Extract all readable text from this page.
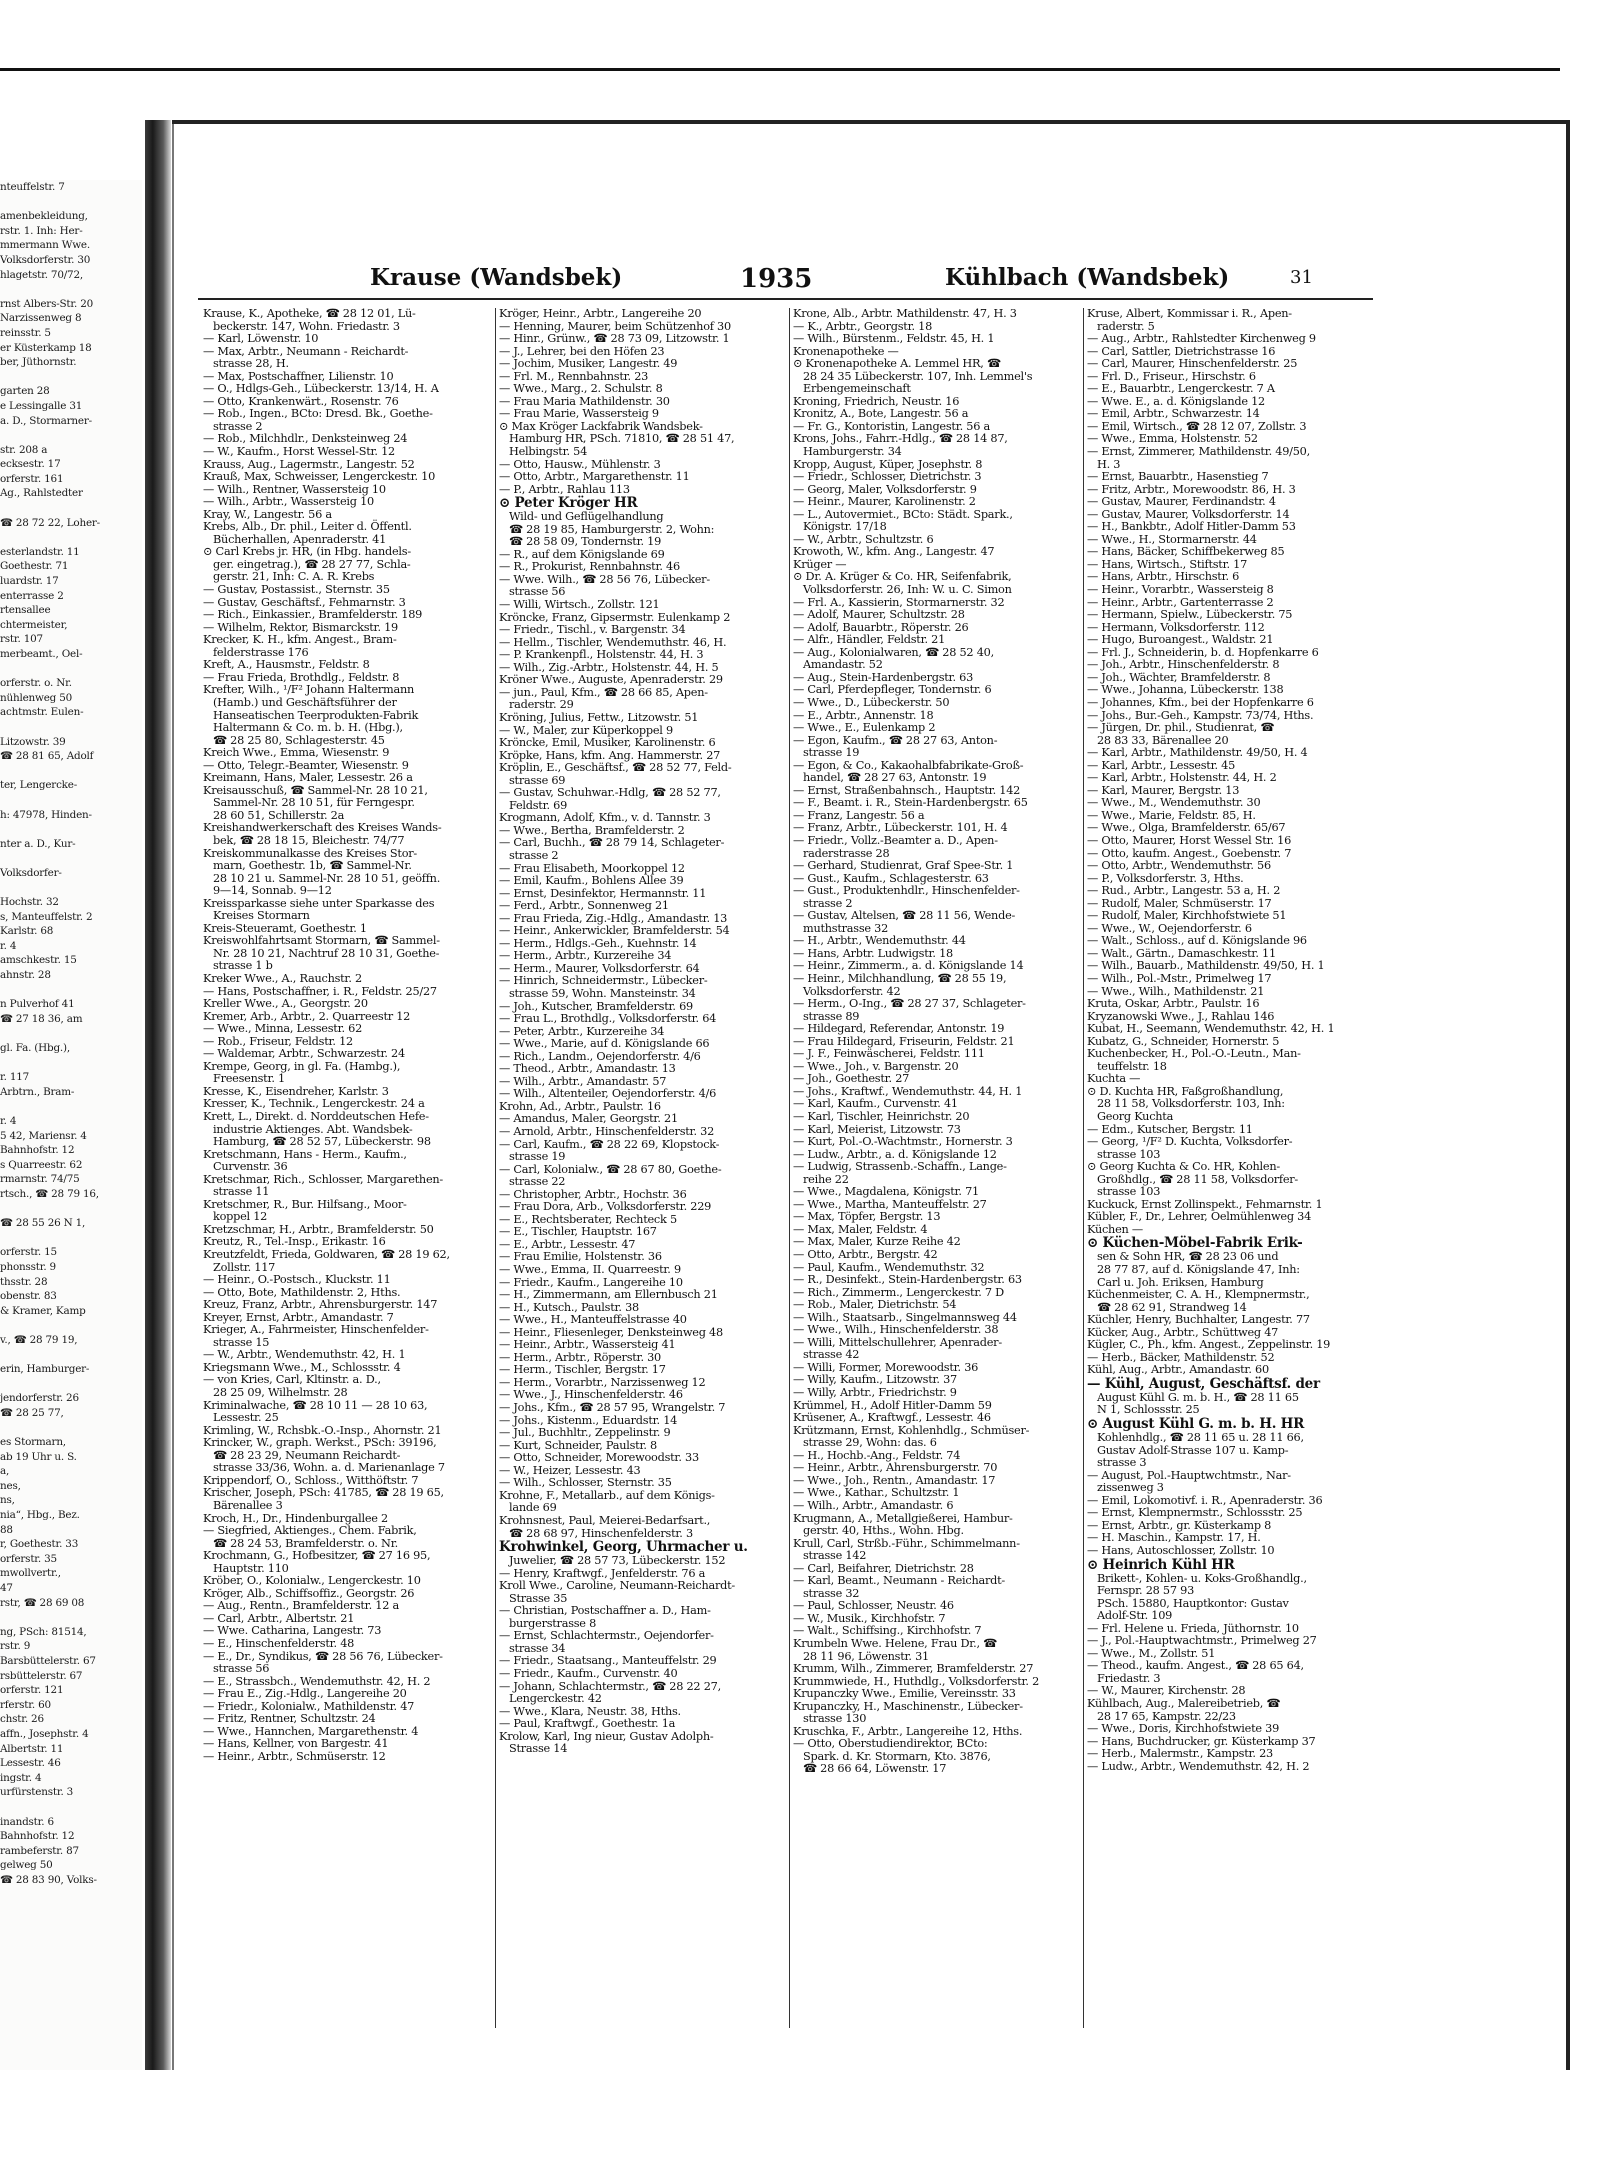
nteuffelstr. 7

amenbekleidung,
rstr. 1. Inh: Her-
mmermann Wwe.
Volksdorferstr. 30
hlagetstr. 70/72,

rnst Albers-Str. 20
Narzissenweg 8
reinsstr. 5
er Küsterkamp 18
ber, Jüthornstr.

garten 28
e Lessingalle 31
a. D., Stormarner-

str. 208 a
ecksestr. 17
orferstr. 161
Ag., Rahlstedter

☎ 28 72 22, Loher-

esterlandstr. 11
Goethestr. 71
luardstr. 17
enterrasse 2
rtensallee
chtermeister,
rstr. 107
merbeamt., Oel-

orferstr. o. Nr.
nühlenweg 50
achtmstr. Eulen-

Litzowstr. 39
☎ 28 81 65, Adolf

ter, Lengercke-

h: 47978, Hinden-

nter a. D., Kur-

Volksdorfer-

Hochstr. 32
s, Manteuffelstr. 2
Karlstr. 68
r. 4
amschkestr. 15
ahnstr. 28

n Pulverhof 41
☎ 27 18 36, am

gl. Fa. (Hbg.),

r. 117
Arbtrn., Bram-

r. 4
5 42, Mariensr. 4
Bahnhofstr. 12
s Quarreestr. 62
rmarnstr. 74/75
rtsch., ☎ 28 79 16,

☎ 28 55 26 N 1,

orferstr. 15
phonsstr. 9
thsstr. 28
obenstr. 83
& Kramer, Kamp

v., ☎ 28 79 19,

erin, Hamburger-

jendorferstr. 26
☎ 28 25 77,

es Stormarn,
ab 19 Uhr u. S.
a,
nes,
ns,
nia“, Hbg., Bez.
88
r, Goethestr. 33
orferstr. 35
mwollvertr.,
47
rstr, ☎ 28 69 08

ng, PSch: 81514,
rstr. 9
Barsbüttelerstr. 67
rsbüttelerstr. 67
orferstr. 121
rferstr. 60
chstr. 26
affn., Josephstr. 4
Albertstr. 11
Lessestr. 46
ingstr. 4
urfürstenstr. 3

inandstr. 6
Bahnhofstr. 12
rambeferstr. 87
gelweg 50
☎ 28 83 90, Volks-
Krause (Wandsbek)	1935	Kühlbach (Wandsbek)	31
Krause, K., Apotheke, ☎ 28 12 01, Lü-
beckerstr. 147, Wohn. Friedastr. 3
— Karl, Löwenstr. 10
— Max, Arbtr., Neumann - Reichardt-
strasse 28, H.
— Max, Postschaffner, Lilienstr. 10
— O., Hdlgs-Geh., Lübeckerstr. 13/14, H. A
— Otto, Krankenwärt., Rosenstr. 76
— Rob., Ingen., BCto: Dresd. Bk., Goethe-
strasse 2
— Rob., Milchhdlr., Denksteinweg 24
— W., Kaufm., Horst Wessel-Str. 12
Krauss, Aug., Lagermstr., Langestr. 52
Krauß, Max, Schweisser, Lengerckestr. 10
— Wilh., Rentner, Wassersteig 10
— Wilh., Arbtr., Wassersteig 10
Kray, W., Langestr. 56 a
Krebs, Alb., Dr. phil., Leiter d. Öffentl.
Bücherhallen, Apenraderstr. 41
⊙ Carl Krebs jr. HR, (in Hbg. handels-
ger. eingetrag.), ☎ 28 27 77, Schla-
gerstr. 21, Inh: C. A. R. Krebs
— Gustav, Postassist., Sternstr. 35
— Gustav, Geschäftsf., Fehmarnstr. 3
— Rich., Einkassier., Bramfelderstr. 189
— Wilhelm, Rektor, Bismarckstr. 19
Krecker, K. H., kfm. Angest., Bram-
felderstrasse 176
Kreft, A., Hausmstr., Feldstr. 8
— Frau Frieda, Brothdlg., Feldstr. 8
Krefter, Wilh., ¹/F² Johann Haltermann
(Hamb.) und Geschäftsführer der
Hanseatischen Teerprodukten-Fabrik
Haltermann & Co. m. b. H. (Hbg.),
☎ 28 25 80, Schlagesterstr. 45
Kreich Wwe., Emma, Wiesenstr. 9
— Otto, Telegr.-Beamter, Wiesenstr. 9
Kreimann, Hans, Maler, Lessestr. 26 a
Kreisausschuß, ☎ Sammel-Nr. 28 10 21,
Sammel-Nr. 28 10 51, für Ferngespr.
28 60 51, Schillerstr. 2a
Kreishandwerkerschaft des Kreises Wands-
bek, ☎ 28 18 15, Bleichestr. 74/77
Kreiskommunalkasse des Kreises Stor-
marn, Goethestr. 1b, ☎ Sammel-Nr.
28 10 21 u. Sammel-Nr. 28 10 51, geöffn.
9—14, Sonnab. 9—12
Kreissparkasse siehe unter Sparkasse des
Kreises Stormarn
Kreis-Steueramt, Goethestr. 1
Kreiswohlfahrtsamt Stormarn, ☎ Sammel-
Nr. 28 10 21, Nachtruf 28 10 31, Goethe-
strasse 1 b
Kreker Wwe., A., Rauchstr. 2
— Hans, Postschaffner, i. R., Feldstr. 25/27
Kreller Wwe., A., Georgstr. 20
Kremer, Arb., Arbtr., 2. Quarreestr 12
— Wwe., Minna, Lessestr. 62
— Rob., Friseur, Feldstr. 12
— Waldemar, Arbtr., Schwarzestr. 24
Krempe, Georg, in gl. Fa. (Hambg.),
Freesenstr. 1
Kresse, K., Eisendreher, Karlstr. 3
Kresser, K., Technik., Lengerckestr. 24 a
Krett, L., Direkt. d. Norddeutschen Hefe-
industrie Aktienges. Abt. Wandsbek-
Hamburg, ☎ 28 52 57, Lübeckerstr. 98
Kretschmann, Hans - Herm., Kaufm.,
Curvenstr. 36
Kretschmar, Rich., Schlosser, Margarethen-
strasse 11
Kretschmer, R., Bur. Hilfsang., Moor-
koppel 12
Kretzschmar, H., Arbtr., Bramfelderstr. 50
Kreutz, R., Tel.-Insp., Erikastr. 16
Kreutzfeldt, Frieda, Goldwaren, ☎ 28 19 62,
Zollstr. 117
— Heinr., O.-Postsch., Kluckstr. 11
— Otto, Bote, Mathildenstr. 2, Hths.
Kreuz, Franz, Arbtr., Ahrensburgerstr. 147
Kreyer, Ernst, Arbtr., Amandastr. 7
Krieger, A., Fahrmeister, Hinschenfelder-
strasse 15
— W., Arbtr., Wendemuthstr. 42, H. 1
Kriegsmann Wwe., M., Schlossstr. 4
— von Kries, Carl, Kltinstr. a. D.,
28 25 09, Wilhelmstr. 28
Kriminalwache, ☎ 28 10 11 — 28 10 63,
Lessestr. 25
Krimling, W., Rchsbk.-O.-Insp., Ahornstr. 21
Krincker, W., graph. Werkst., PSch: 39196,
☎ 28 23 29, Neumann Reichardt-
strasse 33/36, Wohn. a. d. Marienanlage 7
Krippendorf, O., Schloss., Witthöftstr. 7
Krischer, Joseph, PSch: 41785, ☎ 28 19 65,
Bärenallee 3
Kroch, H., Dr., Hindenburgallee 2
— Siegfried, Aktienges., Chem. Fabrik,
☎ 28 24 53, Bramfelderstr. o. Nr.
Krochmann, G., Hofbesitzer, ☎ 27 16 95,
Hauptstr. 110
Kröber, O., Kolonialw., Lengerckestr. 10
Kröger, Alb., Schiffsoffiz., Georgstr. 26
— Aug., Rentn., Bramfelderstr. 12 a
— Carl, Arbtr., Albertstr. 21
— Wwe. Catharina, Langestr. 73
— E., Hinschenfelderstr. 48
— E., Dr., Syndikus, ☎ 28 56 76, Lübecker-
strasse 56
— E., Strassbch., Wendemuthstr. 42, H. 2
— Frau E., Zig.-Hdlg., Langereihe 20
— Friedr., Kolonialw., Mathildenstr. 47
— Fritz, Rentner, Schultzstr. 24
— Wwe., Hannchen, Margarethenstr. 4
— Hans, Kellner, von Bargestr. 41
— Heinr., Arbtr., Schmüserstr. 12
Kröger, Heinr., Arbtr., Langereihe 20
— Henning, Maurer, beim Schützenhof 30
— Hinr., Grünw., ☎ 28 73 09, Litzowstr. 1
— J., Lehrer, bei den Höfen 23
— Jochim, Musiker, Langestr. 49
— Frl. M., Rennbahnstr. 23
— Wwe., Marg., 2. Schulstr. 8
— Frau Maria Mathildenstr. 30
— Frau Marie, Wassersteig 9
⊙ Max Kröger Lackfabrik Wandsbek-
Hamburg HR, PSch. 71810, ☎ 28 51 47,
Helbingstr. 54
— Otto, Hausw., Mühlenstr. 3
— Otto, Arbtr., Margarethenstr. 11
— P., Arbtr., Rahlau 113
⊙ Peter Kröger HR
Wild- und Geflügelhandlung
☎ 28 19 85, Hamburgerstr. 2, Wohn:
☎ 28 58 09, Tondernstr. 19
— R., auf dem Königslande 69
— R., Prokurist, Rennbahnstr. 46
— Wwe. Wilh., ☎ 28 56 76, Lübecker-
strasse 56
— Willi, Wirtsch., Zollstr. 121
Kröncke, Franz, Gipsermstr. Eulenkamp 2
— Friedr., Tischl., v. Bargenstr. 34
— Hellm., Tischler, Wendemuthstr. 46, H.
— P. Krankenpfl., Holstenstr. 44, H. 3
— Wilh., Zig.-Arbtr., Holstenstr. 44, H. 5
Kröner Wwe., Auguste, Apenraderstr. 29
— jun., Paul, Kfm., ☎ 28 66 85, Apen-
raderstr. 29
Kröning, Julius, Fettw., Litzowstr. 51
— W., Maler, zur Küperkoppel 9
Kröncke, Emil, Musiker, Karolinenstr. 6
Kröpke, Hans, kfm. Ang. Hammerstr. 27
Kröplin, E., Geschäftsf., ☎ 28 52 77, Feld-
strasse 69
— Gustav, Schuhwar.-Hdlg, ☎ 28 52 77,
Feldstr. 69
Krogmann, Adolf, Kfm., v. d. Tannstr. 3
— Wwe., Bertha, Bramfelderstr. 2
— Carl, Buchh., ☎ 28 79 14, Schlageter-
strasse 2
— Frau Elisabeth, Moorkoppel 12
— Emil, Kaufm., Bohlens Allee 39
— Ernst, Desinfektor, Hermannstr. 11
— Ferd., Arbtr., Sonnenweg 21
— Frau Frieda, Zig.-Hdlg., Amandastr. 13
— Heinr., Ankerwickler, Bramfelderstr. 54
— Herm., Hdlgs.-Geh., Kuehnstr. 14
— Herm., Arbtr., Kurzereihe 34
— Herm., Maurer, Volksdorferstr. 64
— Hinrich, Schneidermstr., Lübecker-
strasse 59, Wohn. Mansteinstr. 34
— Joh., Kutscher, Bramfelderstr. 69
— Frau L., Brothdlg., Volksdorferstr. 64
— Peter, Arbtr., Kurzereihe 34
— Wwe., Marie, auf d. Königslande 66
— Rich., Landm., Oejendorferstr. 4/6
— Theod., Arbtr., Amandastr. 13
— Wilh., Arbtr., Amandastr. 57
— Wilh., Altenteiler, Oejendorferstr. 4/6
Krohn, Ad., Arbtr., Paulstr. 16
— Amandus, Maler, Georgstr. 21
— Arnold, Arbtr., Hinschenfelderstr. 32
— Carl, Kaufm., ☎ 28 22 69, Klopstock-
strasse 19
— Carl, Kolonialw., ☎ 28 67 80, Goethe-
strasse 22
— Christopher, Arbtr., Hochstr. 36
— Frau Dora, Arb., Volksdorferstr. 229
— E., Rechtsberater, Rechteck 5
— E., Tischler, Hauptstr. 167
— E., Arbtr., Lessestr. 47
— Frau Emilie, Holstenstr. 36
— Wwe., Emma, II. Quarreestr. 9
— Friedr., Kaufm., Langereihe 10
— H., Zimmermann, am Ellernbusch 21
— H., Kutsch., Paulstr. 38
— Wwe., H., Manteuffelstrasse 40
— Heinr., Fliesenleger, Denksteinweg 48
— Heinr., Arbtr., Wassersteig 41
— Herm., Arbtr., Röperstr. 30
— Herm., Tischler, Bergstr. 17
— Herm., Vorarbtr., Narzissenweg 12
— Wwe., J., Hinschenfelderstr. 46
— Johs., Kfm., ☎ 28 57 95, Wrangelstr. 7
— Johs., Kistenm., Eduardstr. 14
— Jul., Buchhltr., Zeppelinstr. 9
— Kurt, Schneider, Paulstr. 8
— Otto, Schneider, Morewoodstr. 33
— W., Heizer, Lessestr. 43
— Wilh., Schlosser, Sternstr. 35
Krohne, F., Metallarb., auf dem Königs-
lande 69
Krohnsnest, Paul, Meierei-Bedarfsart.,
☎ 28 68 97, Hinschenfelderstr. 3
Krohwinkel, Georg, Uhrmacher u.
Juwelier, ☎ 28 57 73, Lübeckerstr. 152
— Henry, Kraftwgf., Jenfelderstr. 76 a
Kroll Wwe., Caroline, Neumann-Reichardt-
Strasse 35
— Christian, Postschaffner a. D., Ham-
burgerstrasse 8
— Ernst, Schlachtermstr., Oejendorfer-
strasse 34
— Friedr., Staatsang., Manteuffelstr. 29
— Friedr., Kaufm., Curvenstr. 40
— Johann, Schlachtermstr., ☎ 28 22 27,
Lengerckestr. 42
— Wwe., Klara, Neustr. 38, Hths.
— Paul, Kraftwgf., Goethestr. 1a
Krolow, Karl, Ing nieur, Gustav Adolph-
Strasse 14
Krone, Alb., Arbtr. Mathildenstr. 47, H. 3
— K., Arbtr., Georgstr. 18
— Wilh., Bürstenm., Feldstr. 45, H. 1
Kronenapotheke —
⊙ Kronenapotheke A. Lemmel HR, ☎
28 24 35 Lübeckerstr. 107, Inh. Lemmel's
Erbengemeinschaft
Kroning, Friedrich, Neustr. 16
Kronitz, A., Bote, Langestr. 56 a
— Fr. G., Kontoristin, Langestr. 56 a
Krons, Johs., Fahrr.-Hdlg., ☎ 28 14 87,
Hamburgerstr. 34
Kropp, August, Küper, Josephstr. 8
— Friedr., Schlosser, Dietrichstr. 3
— Georg, Maler, Volksdorferstr. 9
— Heinr., Maurer, Karolinenstr. 2
— L., Autovermiet., BCto: Städt. Spark.,
Königstr. 17/18
— W., Arbtr., Schultzstr. 6
Krowoth, W., kfm. Ang., Langestr. 47
Krüger —
⊙ Dr. A. Krüger & Co. HR, Seifenfabrik,
Volksdorferstr. 26, Inh: W. u. C. Simon
— Frl. A., Kassierin, Stormarnerstr. 32
— Adolf, Maurer, Schultzstr. 28
— Adolf, Bauarbtr., Röperstr. 26
— Alfr., Händler, Feldstr. 21
— Aug., Kolonialwaren, ☎ 28 52 40,
Amandastr. 52
— Aug., Stein-Hardenbergstr. 63
— Carl, Pferdepfleger, Tondernstr. 6
— Wwe., D., Lübeckerstr. 50
— E., Arbtr., Annenstr. 18
— Wwe., E., Eulenkamp 2
— Egon, Kaufm., ☎ 28 27 63, Anton-
strasse 19
— Egon, & Co., Kakaohalbfabrikate-Groß-
handel, ☎ 28 27 63, Antonstr. 19
— Ernst, Straßenbahnsch., Hauptstr. 142
— F., Beamt. i. R., Stein-Hardenbergstr. 65
— Franz, Langestr. 56 a
— Franz, Arbtr., Lübeckerstr. 101, H. 4
— Friedr., Vollz.-Beamter a. D., Apen-
raderstrasse 28
— Gerhard, Studienrat, Graf Spee-Str. 1
— Gust., Kaufm., Schlagesterstr. 63
— Gust., Produktenhdlr., Hinschenfelder-
strasse 2
— Gustav, Altelsen, ☎ 28 11 56, Wende-
muthstrasse 32
— H., Arbtr., Wendemuthstr. 44
— Hans, Arbtr. Ludwigstr. 18
— Heinr., Zimmerm., a. d. Königslande 14
— Heinr., Milchhandlung, ☎ 28 55 19,
Volksdorferstr. 42
— Herm., O-Ing., ☎ 28 27 37, Schlageter-
strasse 89
— Hildegard, Referendar, Antonstr. 19
— Frau Hildegard, Friseurin, Feldstr. 21
— J. F., Feinwäscherei, Feldstr. 111
— Wwe., Joh., v. Bargenstr. 20
— Joh., Goethestr. 27
— Johs., Kraftwf., Wendemuthstr. 44, H. 1
— Karl, Kaufm., Curvenstr. 41
— Karl, Tischler, Heinrichstr. 20
— Karl, Meierist, Litzowstr. 73
— Kurt, Pol.-O.-Wachtmstr., Hornerstr. 3
— Ludw., Arbtr., a. d. Königslande 12
— Ludwig, Strassenb.-Schaffn., Lange-
reihe 22
— Wwe., Magdalena, Königstr. 71
— Wwe., Martha, Manteuffelstr. 27
— Max, Töpfer, Bergstr. 13
— Max, Maler, Feldstr. 4
— Max, Maler, Kurze Reihe 42
— Otto, Arbtr., Bergstr. 42
— Paul, Kaufm., Wendemuthstr. 32
— R., Desinfekt., Stein-Hardenbergstr. 63
— Rich., Zimmerm., Lengerckestr. 7 D
— Rob., Maler, Dietrichstr. 54
— Wilh., Staatsarb., Singelmannsweg 44
— Wwe., Wilh., Hinschenfelderstr. 38
— Willi, Mittelschullehrer, Apenrader-
strasse 42
— Willi, Former, Morewoodstr. 36
— Willy, Kaufm., Litzowstr. 37
— Willy, Arbtr., Friedrichstr. 9
Krümmel, H., Adolf Hitler-Damm 59
Krüsener, A., Kraftwgf., Lessestr. 46
Krützmann, Ernst, Kohlenhdlg., Schmüser-
strasse 29, Wohn: das. 6
— H., Hochb.-Ang., Feldstr. 74
— Heinr., Arbtr., Ahrensburgerstr. 70
— Wwe., Joh., Rentn., Amandastr. 17
— Wwe., Kathar., Schultzstr. 1
— Wilh., Arbtr., Amandastr. 6
Krugmann, A., Metallgießerei, Hambur-
gerstr. 40, Hths., Wohn. Hbg.
Krull, Carl, Strßb.-Führ., Schimmelmann-
strasse 142
— Carl, Beifahrer, Dietrichstr. 28
— Karl, Beamt., Neumann - Reichardt-
strasse 32
— Paul, Schlosser, Neustr. 46
— W., Musik., Kirchhofstr. 7
— Walt., Schiffsing., Kirchhofstr. 7
Krumbeln Wwe. Helene, Frau Dr., ☎
28 11 96, Löwenstr. 31
Krumm, Wilh., Zimmerer, Bramfelderstr. 27
Krummwiede, H., Huthdlg., Volksdorferstr. 2
Krupanczky Wwe., Emilie, Vereinsstr. 33
Krupanczky, H., Maschinenstr., Lübecker-
strasse 130
Kruschka, F., Arbtr., Langereihe 12, Hths.
— Otto, Oberstudiendirektor, BCto:
Spark. d. Kr. Stormarn, Kto. 3876,
☎ 28 66 64, Löwenstr. 17
Kruse, Albert, Kommissar i. R., Apen-
raderstr. 5
— Aug., Arbtr., Rahlstedter Kirchenweg 9
— Carl, Sattler, Dietrichstrasse 16
— Carl, Maurer, Hinschenfelderstr. 25
— Frl. D., Friseur., Hirschstr. 6
— E., Bauarbtr., Lengerckestr. 7 A
— Wwe. E., a. d. Königslande 12
— Emil, Arbtr., Schwarzestr. 14
— Emil, Wirtsch., ☎ 28 12 07, Zollstr. 3
— Wwe., Emma, Holstenstr. 52
— Ernst, Zimmerer, Mathildenstr. 49/50,
H. 3
— Ernst, Bauarbtr., Hasenstieg 7
— Fritz, Arbtr., Morewoodstr. 86, H. 3
— Gustav, Maurer, Ferdinandstr. 4
— Gustav, Maurer, Volksdorferstr. 14
— H., Bankbtr., Adolf Hitler-Damm 53
— Wwe., H., Stormarnerstr. 44
— Hans, Bäcker, Schiffbekerweg 85
— Hans, Wirtsch., Stiftstr. 17
— Hans, Arbtr., Hirschstr. 6
— Heinr., Vorarbtr., Wassersteig 8
— Heinr., Arbtr., Gartenterrasse 2
— Hermann, Spielw., Lübeckerstr. 75
— Hermann, Volksdorferstr. 112
— Hugo, Buroangest., Waldstr. 21
— Frl. J., Schneiderin, b. d. Hopfenkarre 6
— Joh., Arbtr., Hinschenfelderstr. 8
— Joh., Wächter, Bramfelderstr. 8
— Wwe., Johanna, Lübeckerstr. 138
— Johannes, Kfm., bei der Hopfenkarre 6
— Johs., Bur.-Geh., Kampstr. 73/74, Hths.
— Jürgen, Dr. phil., Studienrat, ☎
28 83 33, Bärenallee 20
— Karl, Arbtr., Mathildenstr. 49/50, H. 4
— Karl, Arbtr., Lessestr. 45
— Karl, Arbtr., Holstenstr. 44, H. 2
— Karl, Maurer, Bergstr. 13
— Wwe., M., Wendemuthstr. 30
— Wwe., Marie, Feldstr. 85, H.
— Wwe., Olga, Bramfelderstr. 65/67
— Otto, Maurer, Horst Wessel Str. 16
— Otto, kaufm. Angest., Goebenstr. 7
— Otto, Arbtr., Wendemuthstr. 56
— P., Volksdorferstr. 3, Hths.
— Rud., Arbtr., Langestr. 53 a, H. 2
— Rudolf, Maler, Schmüserstr. 17
— Rudolf, Maler, Kirchhofstwiete 51
— Wwe., W., Oejendorferstr. 6
— Walt., Schloss., auf d. Königslande 96
— Walt., Gärtn., Damaschkestr. 11
— Wilh., Bauarb., Mathildenstr. 49/50, H. 1
— Wilh., Pol.-Mstr., Primelweg 17
— Wwe., Wilh., Mathildenstr. 21
Kruta, Oskar, Arbtr., Paulstr. 16
Kryzanowski Wwe., J., Rahlau 146
Kubat, H., Seemann, Wendemuthstr. 42, H. 1
Kubatz, G., Schneider, Hornerstr. 5
Kuchenbecker, H., Pol.-O.-Leutn., Man-
teuffelstr. 18
Kuchta —
⊙ D. Kuchta HR, Faßgroßhandlung,
28 11 58, Volksdorferstr. 103, Inh:
Georg Kuchta
— Edm., Kutscher, Bergstr. 11
— Georg, ¹/F² D. Kuchta, Volksdorfer-
strasse 103
⊙ Georg Kuchta & Co. HR, Kohlen-
Großhdlg., ☎ 28 11 58, Volksdorfer-
strasse 103
Kuckuck, Ernst Zollinspekt., Fehmarnstr. 1
Kübler, F., Dr., Lehrer, Oelmühlenweg 34
Küchen —
⊙ Küchen-Möbel-Fabrik Erik-
sen & Sohn HR, ☎ 28 23 06 und
28 77 87, auf d. Königslande 47, Inh:
Carl u. Joh. Eriksen, Hamburg
Küchenmeister, C. A. H., Klempnermstr.,
☎ 28 62 91, Strandweg 14
Küchler, Henry, Buchhalter, Langestr. 77
Kücker, Aug., Arbtr., Schüttweg 47
Kügler, C., Ph., kfm. Angest., Zeppelinstr. 19
— Herb., Bäcker, Mathildenstr. 52
Kühl, Aug., Arbtr., Amandastr. 60
— Kühl, August, Geschäftsf. der
August Kühl G. m. b. H., ☎ 28 11 65
N 1, Schlossstr. 25
⊙ August Kühl G. m. b. H. HR
Kohlenhdlg., ☎ 28 11 65 u. 28 11 66,
Gustav Adolf-Strasse 107 u. Kamp-
strasse 3
— August, Pol.-Hauptwchtmstr., Nar-
zissenweg 3
— Emil, Lokomotivf. i. R., Apenraderstr. 36
— Ernst, Klempnermstr., Schlossstr. 25
— Ernst, Arbtr., gr. Küsterkamp 8
— H. Maschin., Kampstr. 17, H.
— Hans, Autoschlosser, Zollstr. 10
⊙ Heinrich Kühl HR
Brikett-, Kohlen- u. Koks-Großhandlg.,
Fernspr. 28 57 93
PSch. 15880, Hauptkontor: Gustav
Adolf-Str. 109
— Frl. Helene u. Frieda, Jüthornstr. 10
— J., Pol.-Hauptwachtmstr., Primelweg 27
— Wwe., M., Zollstr. 51
— Theod., kaufm. Angest., ☎ 28 65 64,
Friedastr. 3
— W., Maurer, Kirchenstr. 28
Kühlbach, Aug., Malereibetrieb, ☎
28 17 65, Kampstr. 22/23
— Wwe., Doris, Kirchhofstwiete 39
— Hans, Buchdrucker, gr. Küsterkamp 37
— Herb., Malermstr., Kampstr. 23
— Ludw., Arbtr., Wendemuthstr. 42, H. 2
